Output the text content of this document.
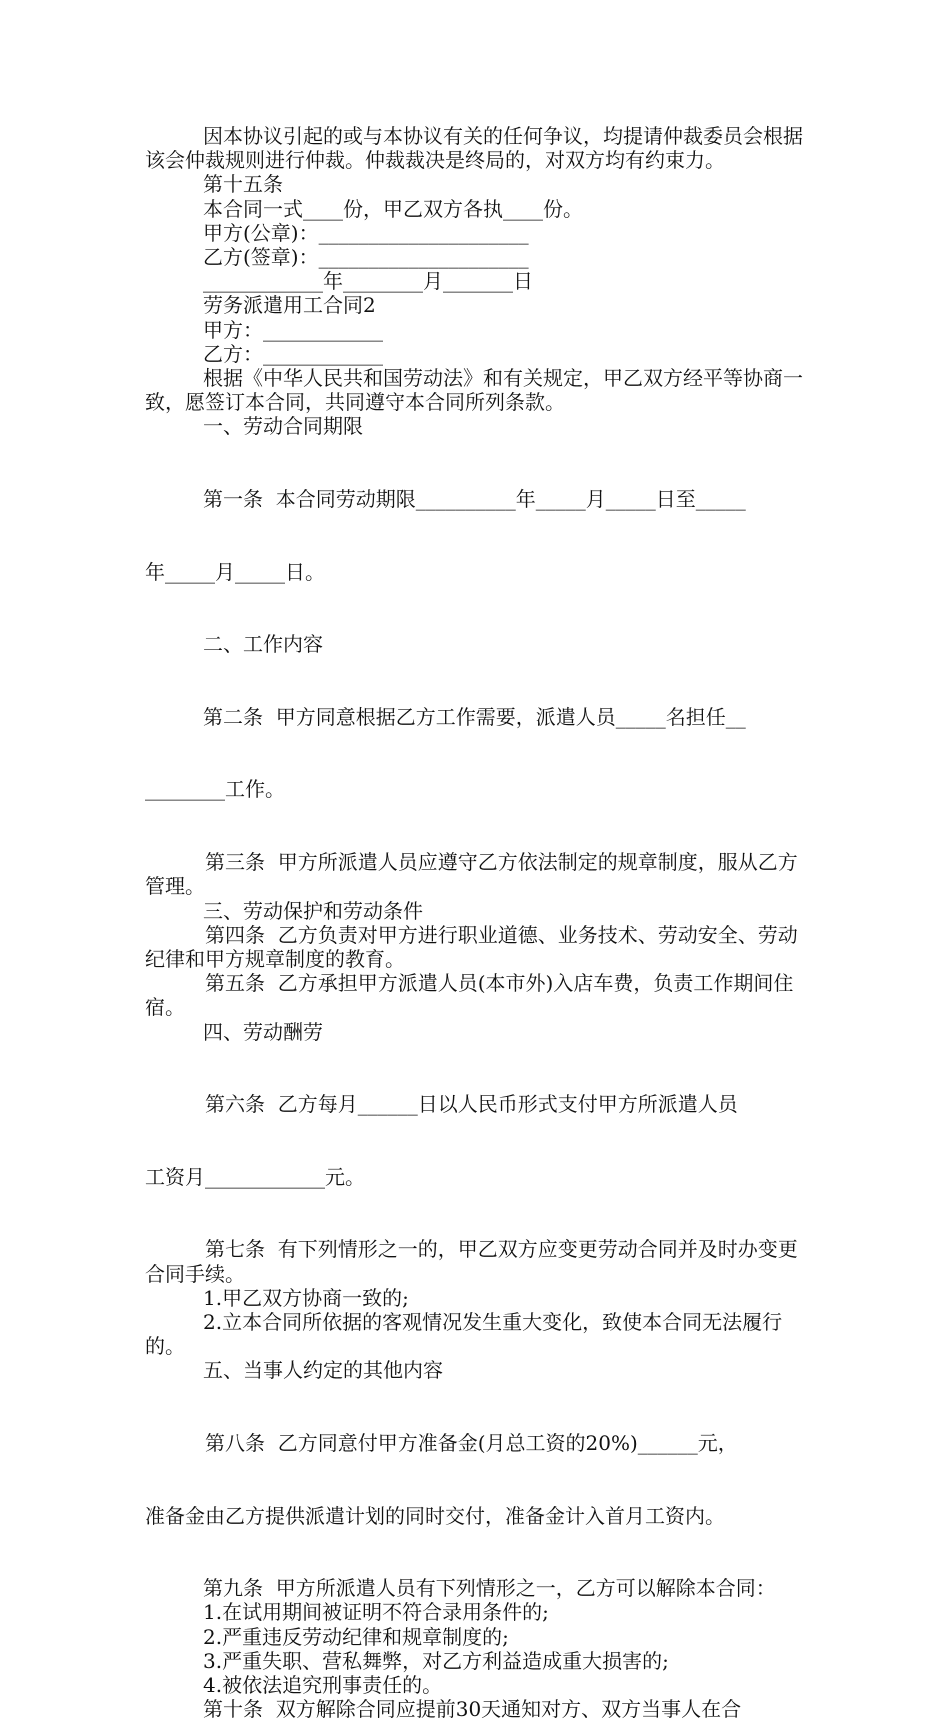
因本协议引起的或与本协议有关的任何争议，均提请仲裁委员会根据该会仲裁规则进行仲裁。仲裁裁决是终局的，对双方均有约束力。

第十五条

本合同一式____份，甲乙双方各执____份。

甲方(公章)：_____________________

乙方(签章)：_____________________

____________年________月_______日

劳务派遣用工合同2

甲方：____________

乙方：____________

根据《中华人民共和国劳动法》和有关规定，甲乙双方经平等协商一致，愿签订本合同，共同遵守本合同所列条款。

一、劳动合同期限

第一条  本合同劳动期限__________年_____月_____日至_____

年_____月_____日。

二、工作内容

第二条  甲方同意根据乙方工作需要，派遣人员_____名担任__

________工作。

第三条  甲方所派遣人员应遵守乙方依法制定的规章制度，服从乙方管理。

三、劳动保护和劳动条件

第四条  乙方负责对甲方进行职业道德、业务技术、劳动安全、劳动纪律和甲方规章制度的教育。

第五条  乙方承担甲方派遣人员(本市外)入店车费，负责工作期间住宿。

四、劳动酬劳

第六条  乙方每月______日以人民币形式支付甲方所派遣人员

工资月____________元。

第七条  有下列情形之一的，甲乙双方应变更劳动合同并及时办变更合同手续。

1.甲乙双方协商一致的;

2.立本合同所依据的客观情况发生重大变化，致使本合同无法履行的。

五、当事人约定的其他内容

第八条  乙方同意付甲方准备金(月总工资的20%)______元，

准备金由乙方提供派遣计划的同时交付，准备金计入首月工资内。

第九条  甲方所派遣人员有下列情形之一，乙方可以解除本合同：

1.在试用期间被证明不符合录用条件的;

2.严重违反劳动纪律和规章制度的;

3.严重失职、营私舞弊，对乙方利益造成重大损害的;

4.被依法追究刑事责任的。

第十条  双方解除合同应提前30天通知对方、双方当事人在合
